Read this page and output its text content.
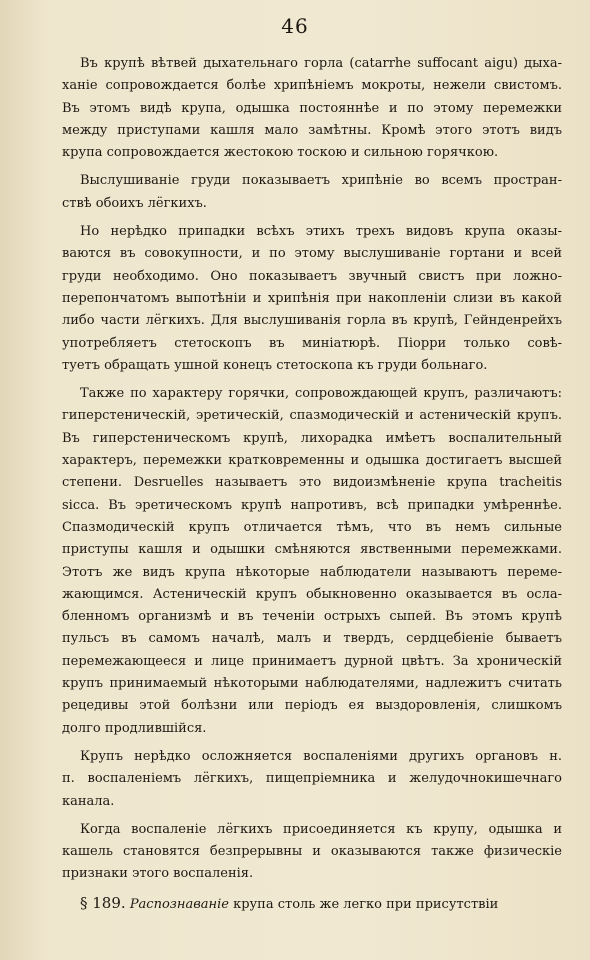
46
Въ крупѣ вѣтвей дыхательнаго горла (catarrhe suffocant aigu) дыха-
ханіе сопровождается болѣе хрипѣніемъ мокроты, нежели свистомъ.
Въ этомъ видѣ крупа, одышка постояннѣе и по этому перемежки
между приступами кашля мало замѣтны. Кромѣ этого этотъ видъ
крупа сопровождается жестокою тоскою и сильною горячкою.
Выслушиваніе груди показываетъ хрипѣніе во всемъ простран-
ствѣ обоихъ лёгкихъ.
Но нерѣдко припадки всѣхъ этихъ трехъ видовъ крупа оказы-
ваются въ совокупности, и по этому выслушиваніе гортани и всей
груди необходимо. Оно показываетъ звучный свистъ при ложно-
перепончатомъ выпотѣніи и хрипѣнія при накопленіи слизи въ какой
либо части лёгкихъ. Для выслушиванія горла въ крупѣ, Гейнденрейхъ
употребляетъ стетоскопъ въ миніатюрѣ. Піорри только совѣ-
туетъ обращать ушной конецъ стетоскопа къ груди больнаго.
Также по характеру горячки, сопровождающей крупъ, различаютъ:
гиперстеническій, эретическій, спазмодическій и астеническій крупъ.
Въ гиперстеническомъ крупѣ, лихорадка имѣетъ воспалительный
характеръ, перемежки кратковременны и одышка достигаетъ высшей
степени. Desruelles называетъ это видоизмѣненіе крупа tracheitis
sicca. Въ эретическомъ крупѣ напротивъ, всѣ припадки умѣреннѣе.
Спазмодическій крупъ отличается тѣмъ, что въ немъ сильные
приступы кашля и одышки смѣняются явственными перемежками.
Этотъ же видъ крупа нѣкоторые наблюдатели называютъ переме-
жающимся. Астеническій крупъ обыкновенно оказывается въ осла-
бленномъ организмѣ и въ теченіи острыхъ сыпей. Въ этомъ крупѣ
пульсъ въ самомъ началѣ, малъ и твердъ, сердцебіеніе бываетъ
перемежающееся и лице принимаетъ дурной цвѣтъ. За хроническій
крупъ принимаемый нѣкоторыми наблюдателями, надлежитъ считать
рецедивы этой болѣзни или періодъ ея выздоровленія, слишкомъ
долго продлившійся.
Крупъ нерѣдко осложняется воспаленіями другихъ органовъ н.
п. воспаленіемъ лёгкихъ, пищепріемника и желудочнокишечнаго
канала.
Когда воспаленіе лёгкихъ присоединяется къ крупу, одышка и
кашель становятся безпрерывны и оказываются также физическіе
признаки этого воспаленія.
§ 189. Распознаваніе крупа столь же легко при присутствіи
